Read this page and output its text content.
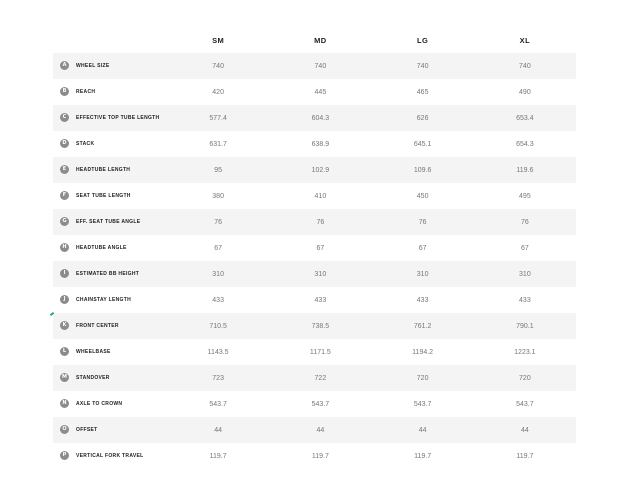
	SM	MD	LG	XL
A WHEEL SIZE	740	740	740	740
B REACH	420	445	465	490
C EFFECTIVE TOP TUBE LENGTH	577.4	604.3	626	653.4
D STACK	631.7	638.9	645.1	654.3
E HEADTUBE LENGTH	95	102.9	109.6	119.6
F SEAT TUBE LENGTH	380	410	450	495
G EFF. SEAT TUBE ANGLE	76	76	76	76
H HEADTUBE ANGLE	67	67	67	67
I ESTIMATED BB HEIGHT	310	310	310	310
J CHAINSTAY LENGTH	433	433	433	433
K FRONT CENTER	710.5	738.5	761.2	790.1
L WHEELBASE	1143.5	1171.5	1194.2	1223.1
M STANDOVER	723	722	720	720
N AXLE TO CROWN	543.7	543.7	543.7	543.7
O OFFSET	44	44	44	44
P VERTICAL FORK TRAVEL	119.7	119.7	119.7	119.7
